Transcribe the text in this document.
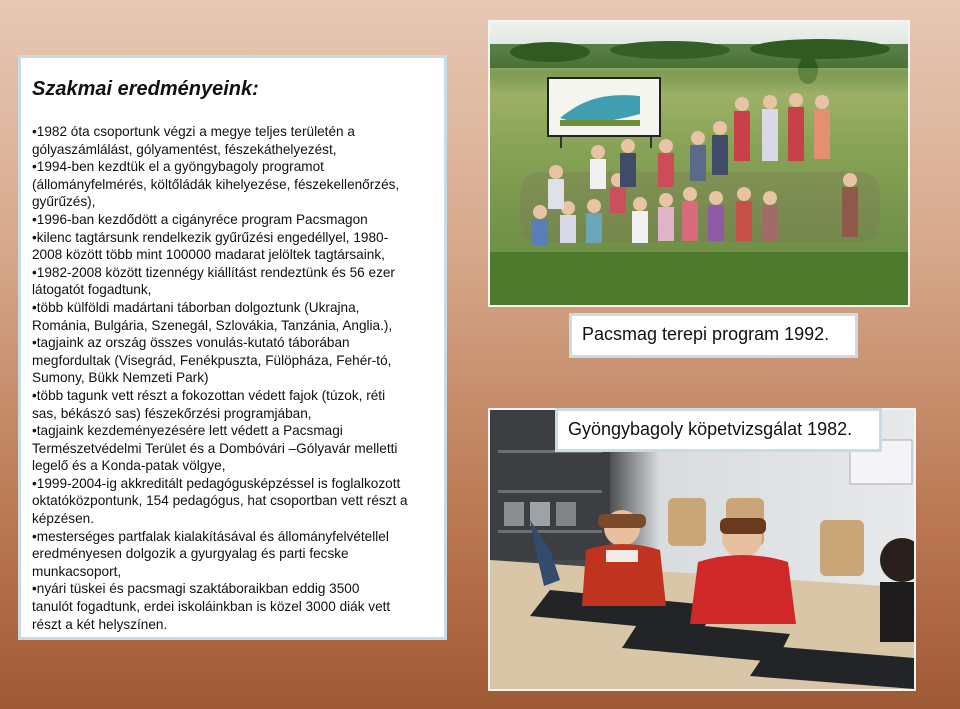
Szakmai eredményeink:
•1982 óta csoportunk végzi a megye teljes területén a
gólyaszámlálást, gólyamentést, fészekáthelyezést,
•1994-ben kezdtük el a gyöngybagoly programot
(állományfelmérés, költőládák kihelyezése, fészekellenőrzés,
gyűrűzés),
•1996-ban kezdődött a cigányréce program Pacsmagon
•kilenc tagtársunk rendelkezik gyűrűzési engedéllyel, 1980-
2008 között több mint 100000 madarat jelöltek tagtársaink,
•1982-2008 között tizennégy kiállítást rendeztünk és 56 ezer
látogatót fogadtunk,
•több külföldi madártani táborban dolgoztunk (Ukrajna,
Románia, Bulgária, Szenegál, Szlovákia, Tanzánia, Anglia.),
•tagjaink az ország összes vonulás-kutató táborában
megfordultak (Visegrád, Fenékpuszta, Fülöpháza, Fehér-tó,
Sumony, Bükk Nemzeti Park)
•több tagunk vett részt a fokozottan védett fajok (túzok, réti
sas, békászó sas) fészekőrzési programjában,
•tagjaink kezdeményezésére lett védett a Pacsmagi
Természetvédelmi Terület és a Dombóvári –Gólyavár melletti
legelő és a Konda-patak völgye,
•1999-2004-ig akkreditált pedagógusképzéssel is foglalkozott
oktatóközpontunk, 154 pedagógus, hat csoportban vett részt a
képzésen.
•mesterséges partfalak kialakításával és állományfelvétellel
eredményesen dolgozik a gyurgyalag és parti fecske
munkacsoport,
•nyári tüskei és pacsmagi szaktáboraikban eddig 3500
tanulót fogadtunk, erdei iskoláinkban is közel 3000 diák vett
részt a két helyszínen.
Pacsmag terepi program 1992.
Gyöngybagoly köpetvizsgálat 1982.
